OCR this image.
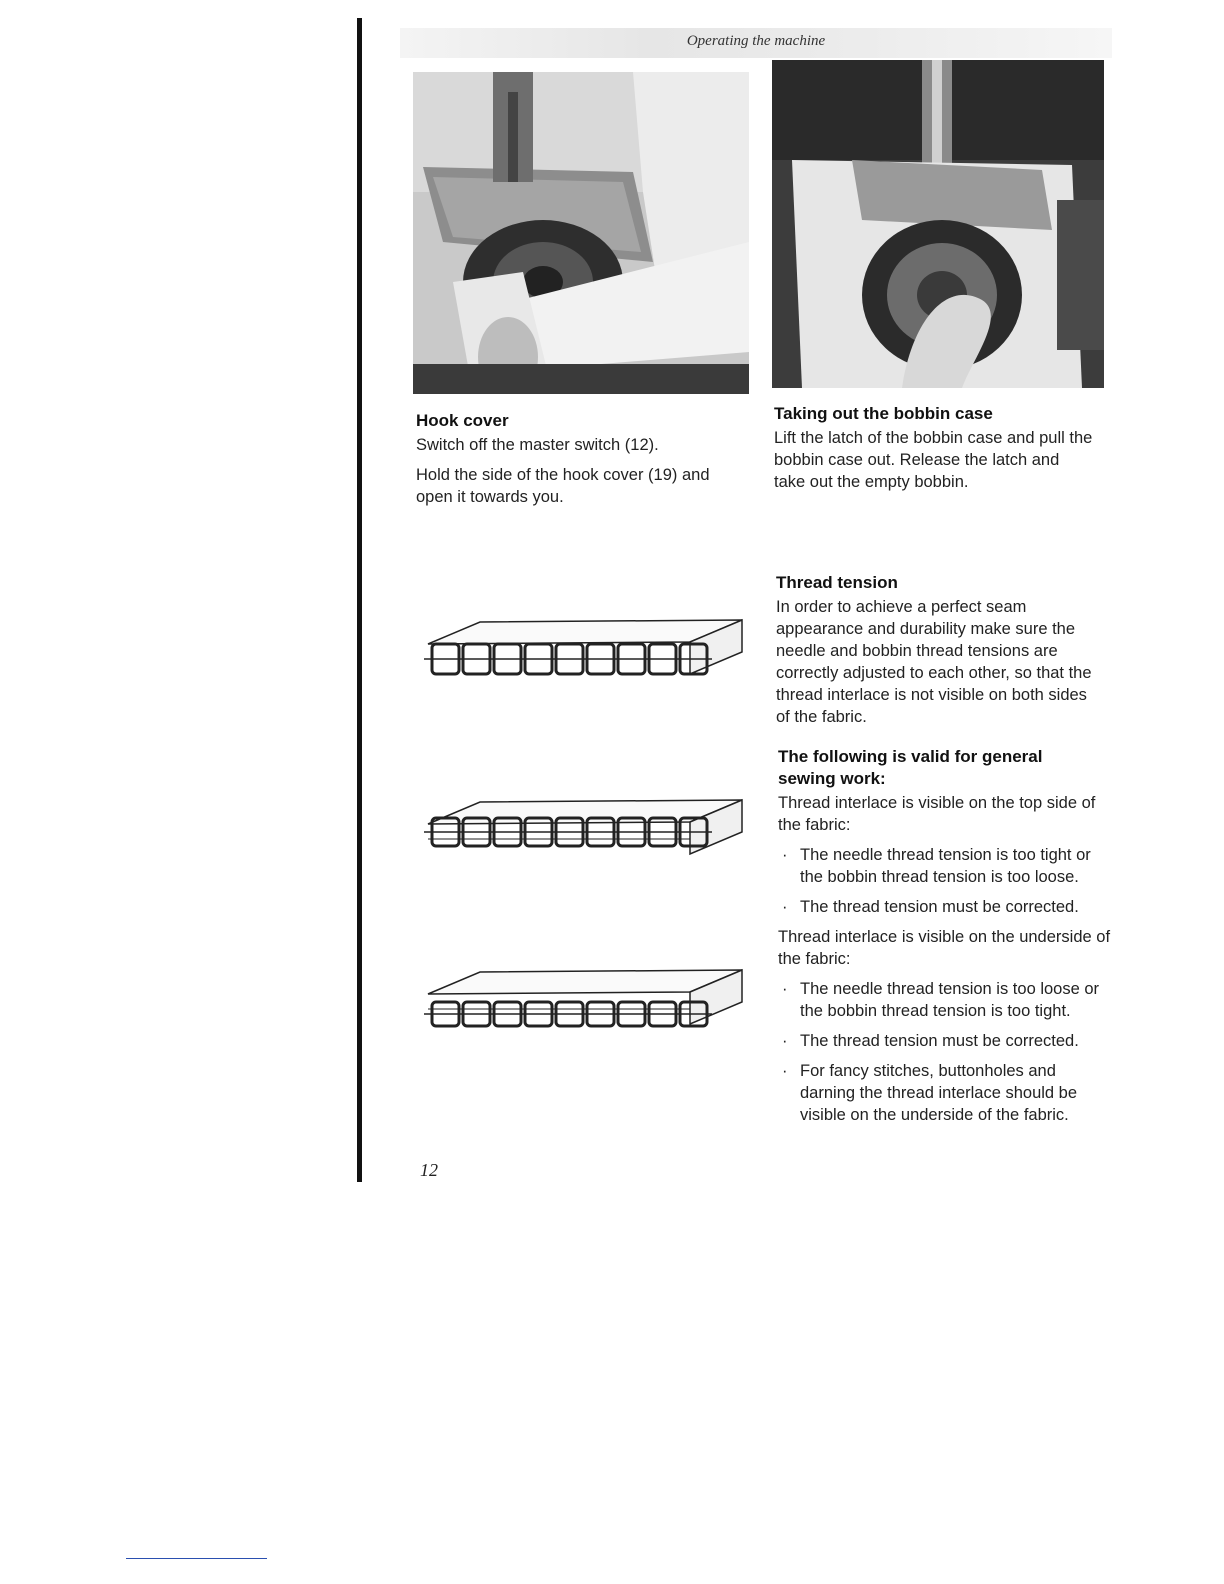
Operating the machine
Hook cover

Switch off the master switch (12).

Hold the side of the hook cover (19) and open it towards you.

Taking out the bobbin case

Lift the latch of the bobbin case and pull the bobbin case out. Release the latch and take out the empty bobbin.

Thread tension

In order to achieve a perfect seam appearance and durability make sure the needle and bobbin thread tensions are correctly adjusted to each other, so that the thread interlace is not visible on both sides of the fabric.

The following is valid for general sewing work:

Thread interlace is visible on the top side of the fabric:

· The needle thread tension is too tight or the bobbin thread tension is too loose.
· The thread tension must be corrected.

Thread interlace is visible on the underside of the fabric:

· The needle thread tension is too loose or the bobbin thread tension is too tight.
· The thread tension must be corrected.
· For fancy stitches, buttonholes and darning the thread interlace should be visible on the underside of the fabric.
12
